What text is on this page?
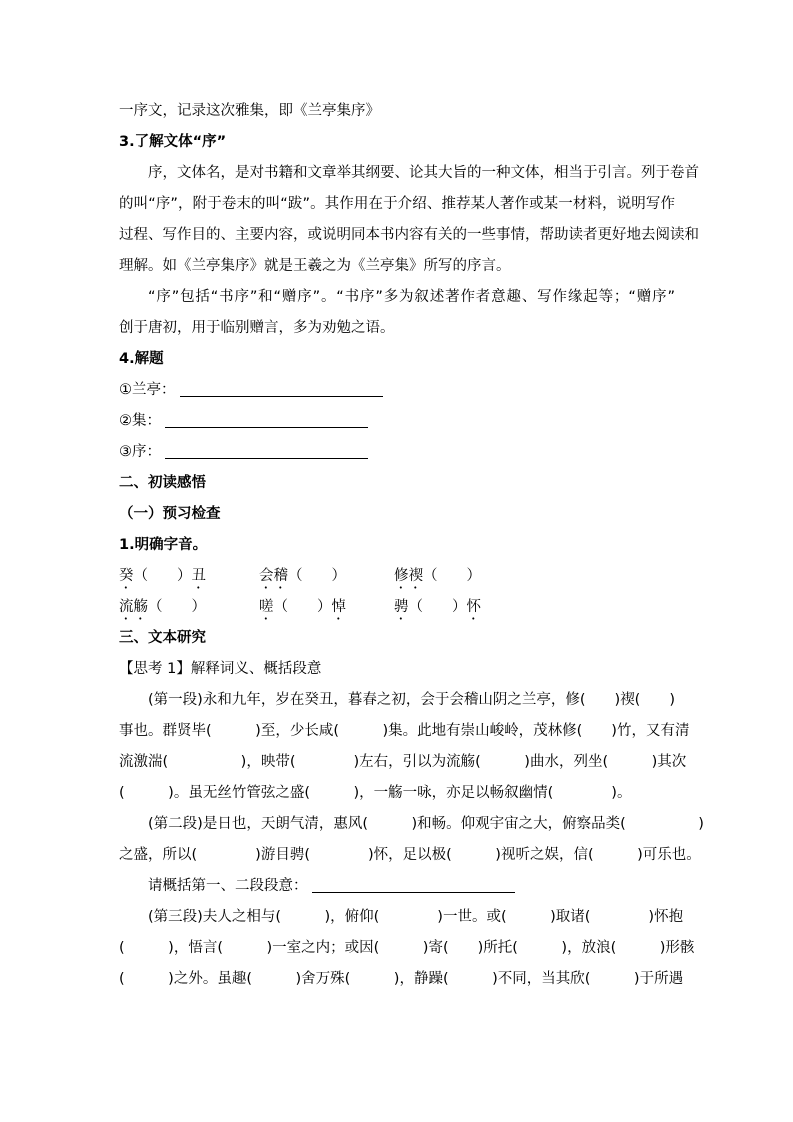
一序文，记录这次雅集，即《兰亭集序》
3.了解文体“序”
序，文体名，是对书籍和文章举其纲要、论其大旨的一种文体，相当于引言。列于卷首
的叫“序”，附于卷末的叫“跋”。其作用在于介绍、推荐某人著作或某一材料，说明写作
过程、写作目的、主要内容，或说明同本书内容有关的一些事情，帮助读者更好地去阅读和
理解。如《兰亭集序》就是王羲之为《兰亭集》所写的序言。
“序”包括“书序”和“赠序”。“书序”多为叙述著作者意趣、写作缘起等；“赠序”
创于唐初，用于临别赠言，多为劝勉之语。
4.解题
①兰亭：
②集：
③序：
二、初读感悟
（一）预习检查
1.明确字音。
癸（　　）丑	会稽（　　）	修禊（　　）
流觞（　　）	嗟（　　）悼	骋（　　）怀
三、文本研究
【思考 1】解释词义、概括段意
(第一段)永和九年，岁在癸丑，暮春之初，会于会稽山阴之兰亭，修(　　)禊(　　)
事也。群贤毕(　　　)至，少长咸(　　　)集。此地有崇山峻岭，茂林修(　　)竹，又有清
流激湍(　　　　　)，映带(　　　　)左右，引以为流觞(　　　)曲水，列坐(　　　)其次
(　　　)。虽无丝竹管弦之盛(　　　)，一觞一咏，亦足以畅叙幽情(　　　　)。
(第二段)是日也，天朗气清，惠风(　　　)和畅。仰观宇宙之大，俯察品类(　　　　　)
之盛，所以(　　　　)游目骋(　　　　)怀，足以极(　　　)视听之娱，信(　　　)可乐也。
请概括第一、二段段意：
(第三段)夫人之相与(　　　)，俯仰(　　　　)一世。或(　　　)取诸(　　　　)怀抱
(　　　)，悟言(　　　)一室之内；或因(　　　)寄(　　)所托(　　　)，放浪(　　　)形骸
(　　　)之外。虽趣(　　　)舍万殊(　　　)，静躁(　　　)不同，当其欣(　　　)于所遇
